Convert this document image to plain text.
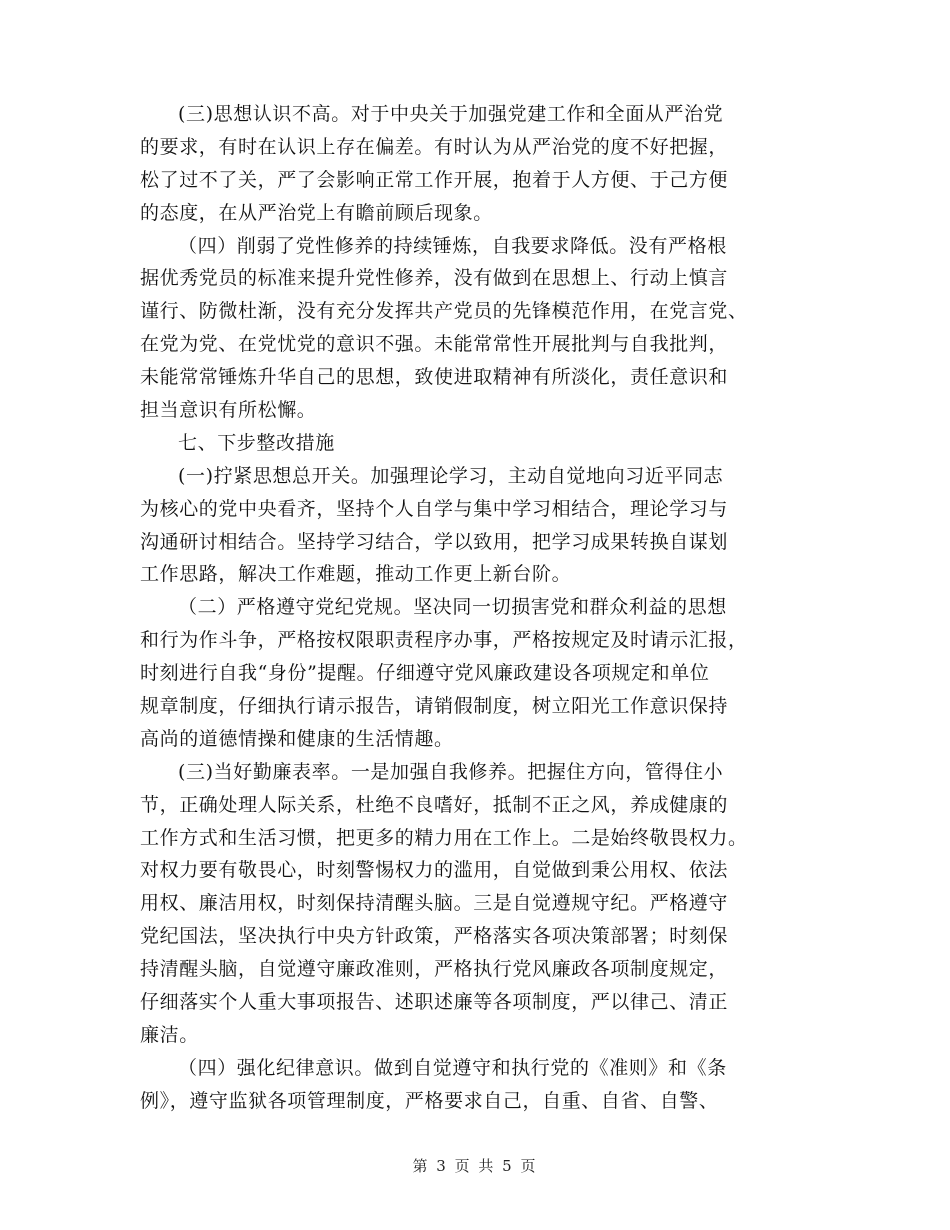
(三)思想认识不高。对于中央关于加强党建工作和全面从严治党
的要求，有时在认识上存在偏差。有时认为从严治党的度不好把握，
松了过不了关，严了会影响正常工作开展，抱着于人方便、于己方便
的态度，在从严治党上有瞻前顾后现象。
（四）削弱了党性修养的持续锤炼，自我要求降低。没有严格根
据优秀党员的标准来提升党性修养，没有做到在思想上、行动上慎言
谨行、防微杜渐，没有充分发挥共产党员的先锋模范作用，在党言党、
在党为党、在党忧党的意识不强。未能常常性开展批判与自我批判，
未能常常锤炼升华自己的思想，致使进取精神有所淡化，责任意识和
担当意识有所松懈。
七、下步整改措施
(一)拧紧思想总开关。加强理论学习，主动自觉地向习近平同志
为核心的党中央看齐，坚持个人自学与集中学习相结合，理论学习与
沟通研讨相结合。坚持学习结合，学以致用，把学习成果转换自谋划
工作思路，解决工作难题，推动工作更上新台阶。
（二）严格遵守党纪党规。坚决同一切损害党和群众利益的思想
和行为作斗争，严格按权限职责程序办事，严格按规定及时请示汇报，
时刻进行自我“身份”提醒。仔细遵守党风廉政建设各项规定和单位
规章制度，仔细执行请示报告，请销假制度，树立阳光工作意识保持
高尚的道德情操和健康的生活情趣。
(三)当好勤廉表率。一是加强自我修养。把握住方向，管得住小
节，正确处理人际关系，杜绝不良嗜好，抵制不正之风，养成健康的
工作方式和生活习惯，把更多的精力用在工作上。二是始终敬畏权力。
对权力要有敬畏心，时刻警惕权力的滥用，自觉做到秉公用权、依法
用权、廉洁用权，时刻保持清醒头脑。三是自觉遵规守纪。严格遵守
党纪国法，坚决执行中央方针政策，严格落实各项决策部署；时刻保
持清醒头脑，自觉遵守廉政准则，严格执行党风廉政各项制度规定，
仔细落实个人重大事项报告、述职述廉等各项制度，严以律己、清正
廉洁。
（四）强化纪律意识。做到自觉遵守和执行党的《准则》和《条
例》，遵守监狱各项管理制度，严格要求自己，自重、自省、自警、
第 3 页 共 5 页
